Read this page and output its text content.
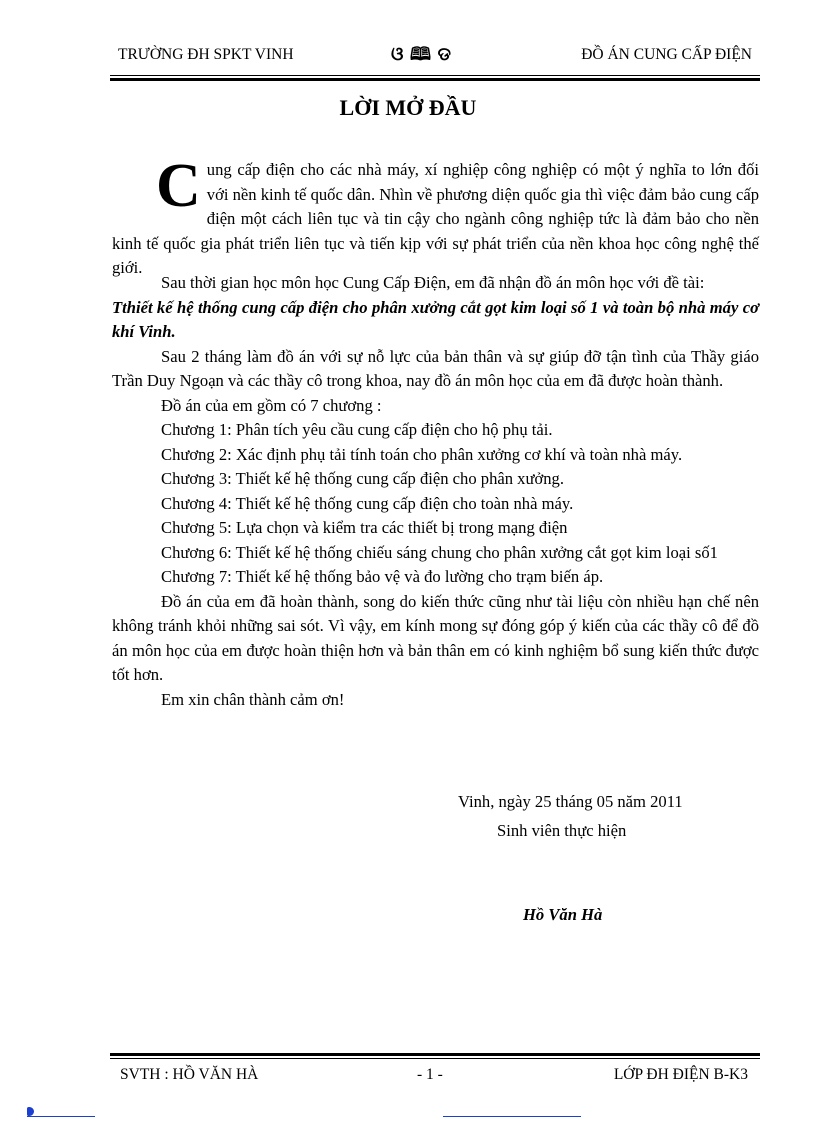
TRƯỜNG ĐH SPKT VINH	ଓ 🕮 ଡ	ĐỒ ÁN CUNG CẤP ĐIỆN
LỜI MỞ ĐẦU

Cung cấp điện cho các nhà máy, xí nghiệp công nghiệp có một ý nghĩa to lớn đối với nền kinh tế quốc dân. Nhìn về phương diện quốc gia thì việc đảm bảo cung cấp điện một cách liên tục và tin cậy cho ngành công nghiệp tức là đảm bảo cho nền kinh tế quốc gia phát triển liên tục và tiến kịp với sự phát triển của nền khoa học công nghệ thế giới.

Sau thời gian học môn học Cung Cấp Điện, em đã nhận đồ án môn học với đề tài:

Tthiết kế hệ thống cung cấp điện cho phân xưởng cắt gọt kim loại số 1 và toàn bộ nhà máy cơ khí Vinh.

Sau 2 tháng làm đồ án với sự nỗ lực của bản thân và sự giúp đỡ tận tình của Thầy giáo Trần Duy Ngoạn và các thầy cô trong khoa, nay đồ án môn học của em đã được hoàn thành.

Đồ án của em gồm có 7 chương :

Chương 1: Phân tích yêu cầu cung cấp điện cho hộ phụ tải.

Chương 2: Xác định phụ tải tính toán cho phân xưởng cơ khí và toàn nhà máy.

Chương 3: Thiết kế hệ thống cung cấp điện cho phân xưởng.

Chương 4: Thiết kế hệ thống cung cấp điện cho toàn nhà máy.

Chương 5: Lựa chọn và kiểm tra các thiết bị trong mạng điện

Chương 6: Thiết kế hệ thống chiếu sáng chung cho phân xưởng cắt gọt kim loại số1

Chương 7: Thiết kế hệ thống bảo vệ và đo lường cho trạm biến áp.

Đồ án của em đã hoàn thành, song do kiến thức cũng như tài liệu còn nhiều hạn chế nên không tránh khỏi những sai sót. Vì vậy, em kính mong sự đóng góp ý kiến của các thầy cô để đồ án môn học của em được hoàn thiện hơn và bản thân em có kinh nghiệm bổ sung kiến thức được tốt hơn.

Em xin chân thành cảm ơn!

Vinh, ngày 25 tháng 05 năm 2011
Sinh viên thực hiện
Hồ Văn Hà
SVTH : HỒ VĂN HÀ	- 1 -	LỚP ĐH ĐIỆN B-K3
